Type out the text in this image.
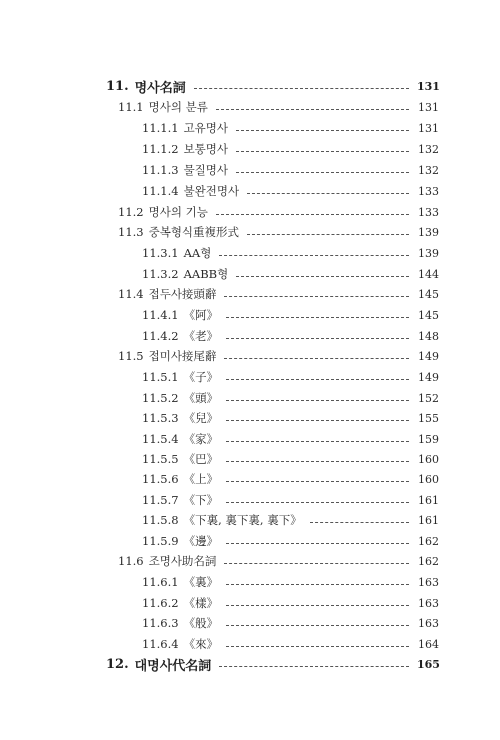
11. 명사名詞	131
11.1 명사의 분류	131
11.1.1 고유명사	131
11.1.2 보통명사	132
11.1.3 물질명사	132
11.1.4 불완전명사	133
11.2 명사의 기능	133
11.3 중복형식重複形式	139
11.3.1 AA형	139
11.3.2 AABB형	144
11.4 접두사接頭辭	145
11.4.1 《阿》	145
11.4.2 《老》	148
11.5 접미사接尾辭	149
11.5.1 《子》	149
11.5.2 《頭》	152
11.5.3 《兒》	155
11.5.4 《家》	159
11.5.5 《巴》	160
11.5.6 《上》	160
11.5.7 《下》	161
11.5.8 《下裏, 裏下裏, 裏下》	161
11.5.9 《邊》	162
11.6 조명사助名詞	162
11.6.1 《裏》	163
11.6.2 《樣》	163
11.6.3 《般》	163
11.6.4 《來》	164
12. 대명사代名詞	165
